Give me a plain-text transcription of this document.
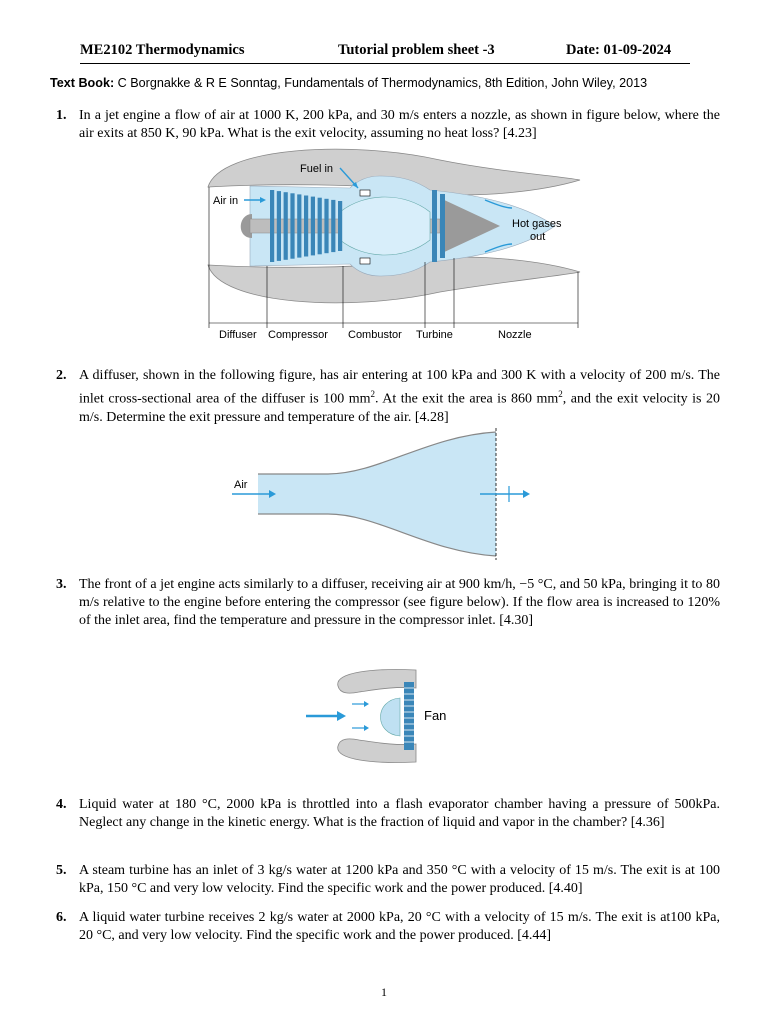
ME2102 Thermodynamics	Tutorial problem sheet -3	Date: 01-09-2024
Text Book: C Borgnakke & R E Sonntag, Fundamentals of Thermodynamics, 8th Edition, John Wiley, 2013
1. In a jet engine a flow of air at 1000 K, 200 kPa, and 30 m/s enters a nozzle, as shown in figure below, where the air exits at 850 K, 90 kPa. What is the exit velocity, assuming no heat loss? [4.23]
Fuel in
Air in
Hot gases out
Diffuser Compressor Combustor Turbine	Nozzle
2. A diffuser, shown in the following figure, has air entering at 100 kPa and 300 K with a velocity of 200 m/s. The inlet cross-sectional area of the diffuser is 100 $mm^2$. At the exit the area is 860 $mm^2$, and the exit velocity is 20 m/s. Determine the exit pressure and temperature of the air. [4.28]
Air
3. The front of a jet engine acts similarly to a diffuser, receiving air at 900 km/h, −5 °C, and 50 kPa, bringing it to 80 m/s relative to the engine before entering the compressor (see figure below). If the flow area is increased to 120% of the inlet area, find the temperature and pressure in the compressor inlet. [4.30]
Fan
4. Liquid water at 180 °C, 2000 kPa is throttled into a flash evaporator chamber having a pressure of 500kPa. Neglect any change in the kinetic energy. What is the fraction of liquid and vapor in the chamber? [4.36]
5. A steam turbine has an inlet of 3 kg/s water at 1200 kPa and 350 °C with a velocity of 15 m/s. The exit is at 100 kPa, 150 °C and very low velocity. Find the specific work and the power produced. [4.40]
6. A liquid water turbine receives 2 kg/s water at 2000 kPa, 20 °C with a velocity of 15 m/s. The exit is at100 kPa, 20 °C, and very low velocity. Find the specific work and the power produced. [4.44]
1
